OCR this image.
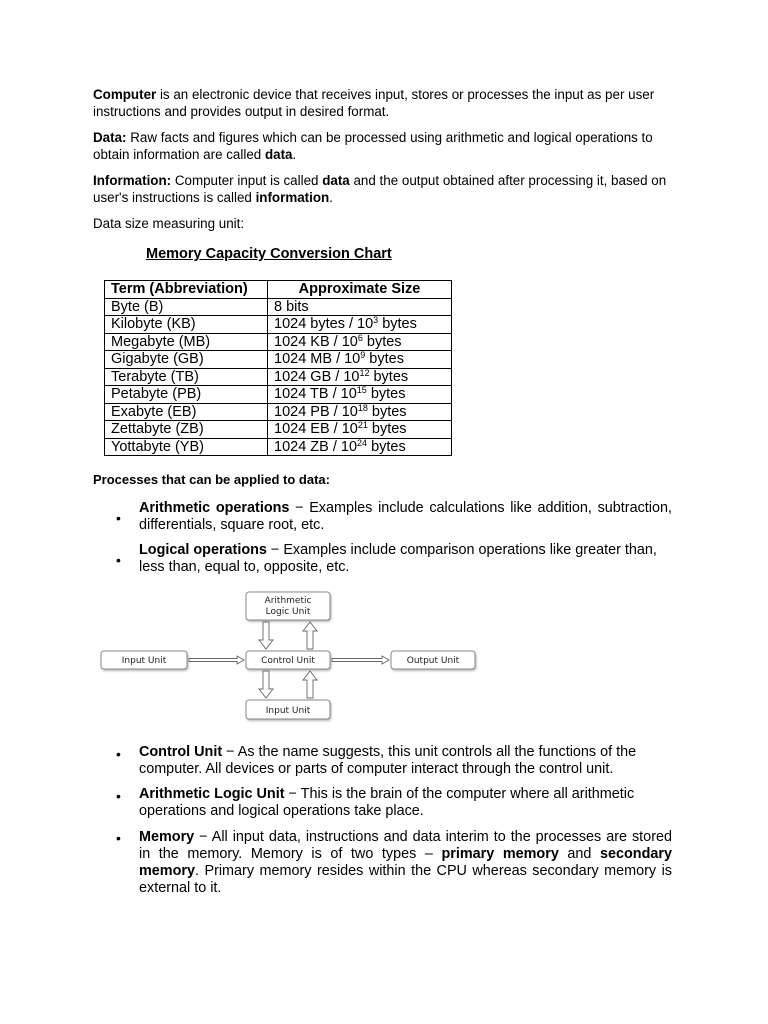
Computer is an electronic device that receives input, stores or processes the input as per user instructions and provides output in desired format.

Data: Raw facts and figures which can be processed using arithmetic and logical operations to obtain information are called data.

Information: Computer input is called data and the output obtained after processing it, based on user's instructions is called information.

Data size measuring unit:

Memory Capacity Conversion Chart

Term (Abbreviation)	Approximate Size
Byte (B)	8 bits
Kilobyte (KB)	1024 bytes / $10^3$ bytes
Megabyte (MB)	1024 KB / $10^6$ bytes
Gigabyte (GB)	1024 MB / $10^9$ bytes
Terabyte (TB)	1024 GB / $10^{12}$ bytes
Petabyte (PB)	1024 TB / $10^{15}$ bytes
Exabyte (EB)	1024 PB / $10^{18}$ bytes
Zettabyte (ZB)	1024 EB / $10^{21}$ bytes
Yottabyte (YB)	1024 ZB / $10^{24}$ bytes

Processes that can be applied to data:

•

Arithmetic operations − Examples include calculations like addition, subtraction, differentials, square root, etc.

•

Logical operations − Examples include comparison operations like greater than, less than, equal to, opposite, etc.

Arithmetic
Logic Unit
Input Unit	Control Unit	Output Unit
Input Unit
• Control Unit − As the name suggests, this unit controls all the functions of the computer. All devices or parts of computer interact through the control unit.

• Arithmetic Logic Unit − This is the brain of the computer where all arithmetic operations and logical operations take place.

• Memory − All input data, instructions and data interim to the processes are stored in the memory. Memory is of two types – primary memory and secondary memory. Primary memory resides within the CPU whereas secondary memory is external to it.
